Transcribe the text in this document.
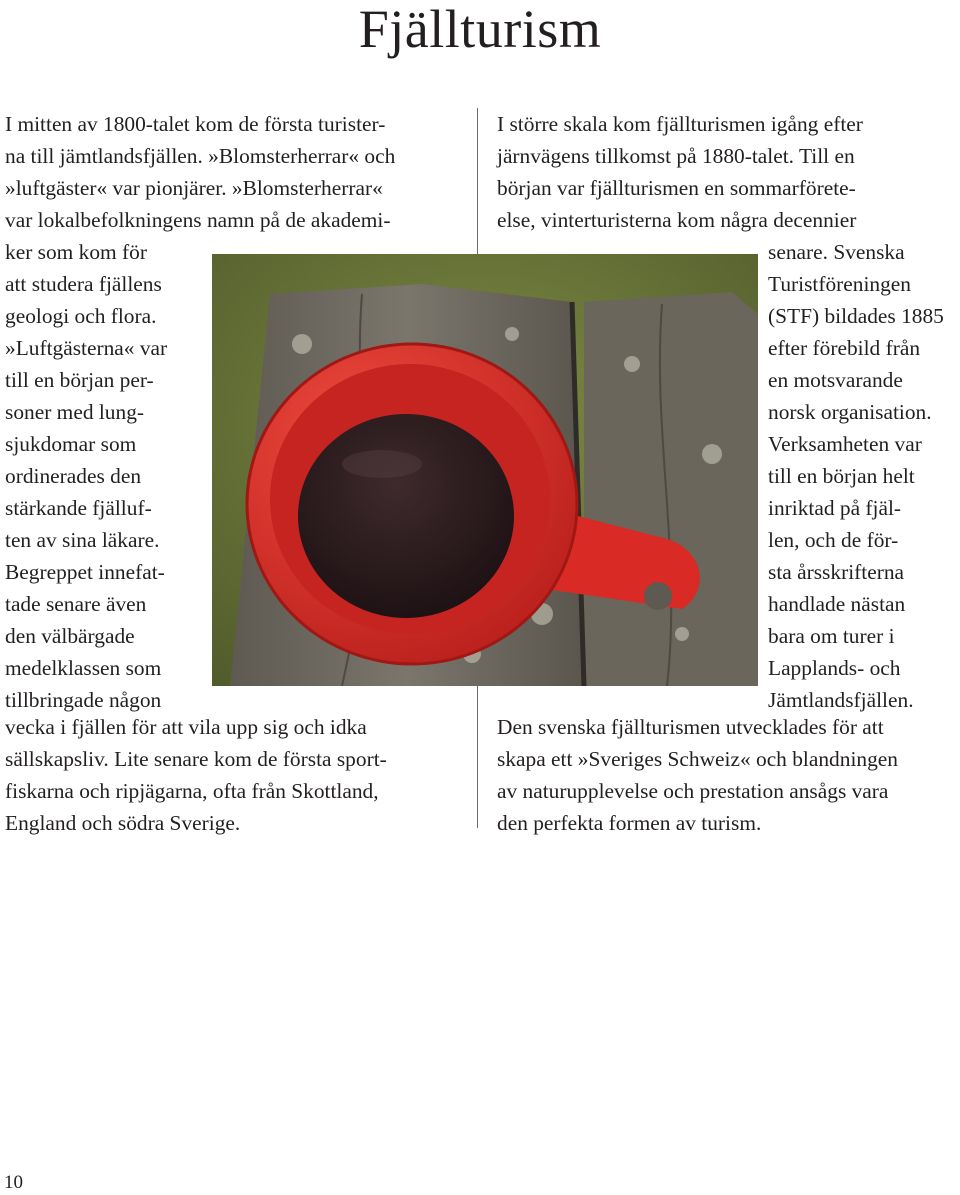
Fjällturism
I mitten av 1800-talet kom de första turister-
na till jämtlandsfjällen. »Blomsterherrar« och
»luftgäster« var pionjärer. »Blomsterherrar«
var lokalbefolkningens namn på de akademi-
ker som kom för
att studera fjällens
geologi och flora.
»Luftgästerna« var
till en början per-
soner med lung-
sjukdomar som
ordinerades den
stärkande fjälluf-
ten av sina läkare.
Begreppet innefat-
tade senare även
den välbärgade
medelklassen som
tillbringade någon
vecka i fjällen för att vila upp sig och idka
sällskapsliv. Lite senare kom de första sport-
fiskarna och ripjägarna, ofta från Skottland,
England och södra Sverige.
I större skala kom fjällturismen igång efter
järnvägens tillkomst på 1880-talet. Till en
början var fjällturismen en sommarförete-
else, vinterturisterna kom några decennier
senare. Svenska
Turistföreningen
(STF) bildades 1885
efter förebild från
en motsvarande
norsk organisation.
Verksamheten var
till en början helt
inriktad på fjäl-
len, och de för-
sta årsskrifterna
handlade nästan
bara om turer i
Lapplands- och
Jämtlandsfjällen.
Den svenska fjällturismen utvecklades för att
skapa ett »Sveriges Schweiz« och blandningen
av naturupplevelse och prestation ansågs vara
den perfekta formen av turism.
10
